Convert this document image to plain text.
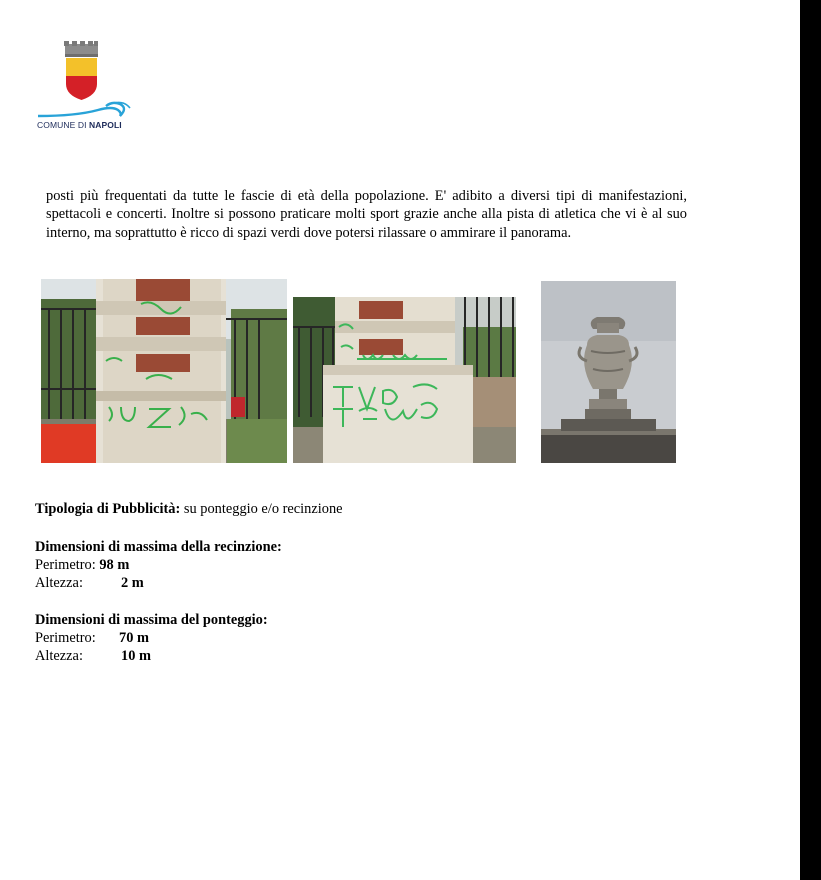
COMUNE DI NAPOLI

posti più frequentati da tutte le fascie di età della popolazione. E' adibito a diversi tipi di manifestazioni, spettacoli e concerti. Inoltre si possono praticare molti sport grazie anche alla pista di atletica che vi è al suo interno, ma soprattutto è ricco di spazi verdi dove potersi rilassare o ammirare il panorama.

Tipologia di Pubblicità: su ponteggio e/o recinzione
Dimensioni di massima della recinzione:
Perimetro: 98 m
Altezza:	2 m
Dimensioni di massima del ponteggio:
Perimetro: 70 m
Altezza:	10 m
